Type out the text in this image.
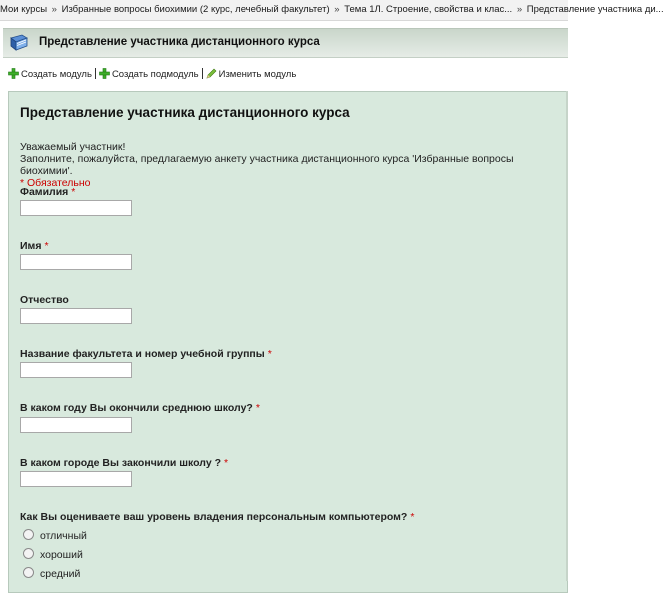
Мои курсы » Избранные вопросы биохимии (2 курс, лечебный факультет) » Тема 1Л. Строение, свойства и клас... » Представление участника ди...
Представление участника дистанционного курса
Создать модуль Создать подмодуль Изменить модуль
Представление участника дистанционного курса
Уважаемый участник!
Заполните, пожалуйста, предлагаемую анкету участника дистанционного курса 'Избранные вопросы биохимии'.
* Обязательно
Фамилия *
Имя *
Отчество
Название факультета и номер учебной группы *
В каком году Вы окончили среднюю школу? *
В каком городе Вы закончили школу ? *
Как Вы оцениваете ваш уровень владения персональным компьютером? *
отличный
хороший
средний
